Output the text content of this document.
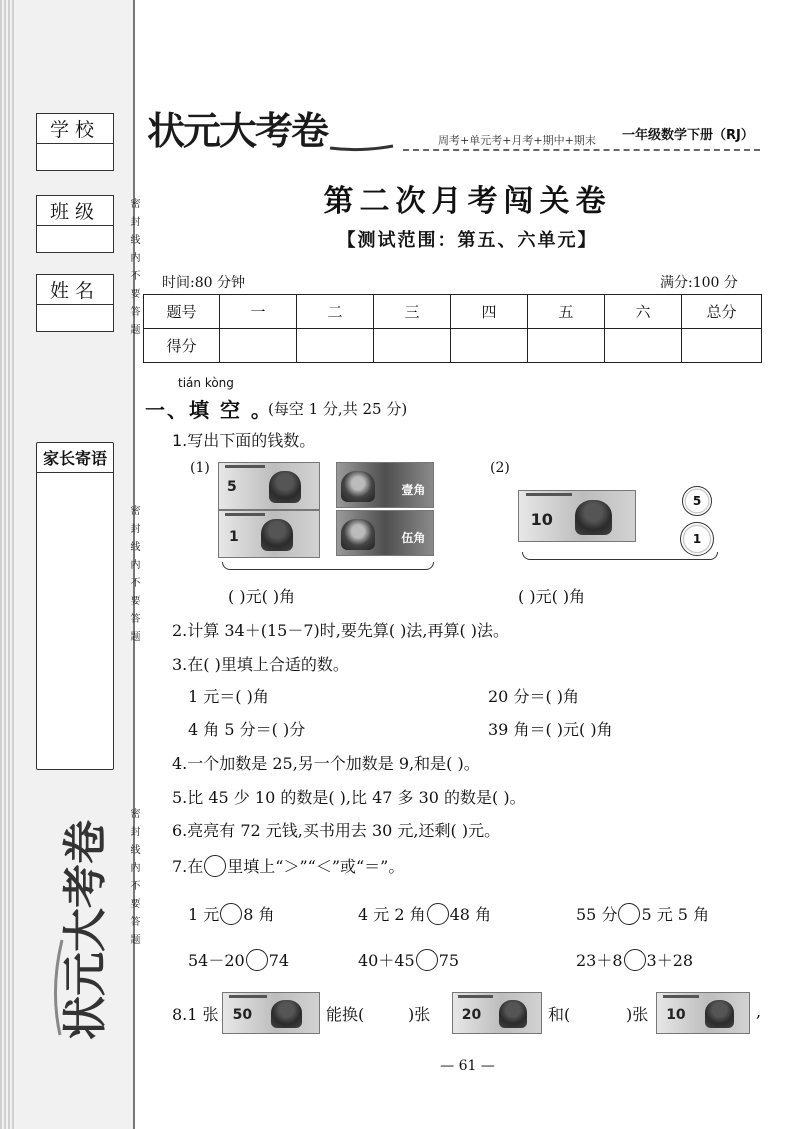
学校
班级
姓名
家长寄语
密封线内不要答题
密封线内不要答题
密封线内不要答题
状元大考卷
状元大考卷	周考+单元考+月考+期中+期末 一年级数学下册（RJ）
第二次月考闯关卷
【测试范围：第五、六单元】
时间:80 分钟	满分:100 分
题号	一	二	三	四	五	六	总分
得分							
tián kòng
一、填 空 。
(每空 1 分,共 25 分)
1.写出下面的钱数。
(1)	(2)
5	壹角
1	伍角
10
5
1
( )元( )角	( )元( )角
2.计算 34＋(15－7)时,要先算( )法,再算( )法。
3.在( )里填上合适的数。
1 元＝( )角	20 分＝( )角
4 角 5 分＝( )分	39 角＝( )元( )角
4.一个加数是 25,另一个加数是 9,和是( )。
5.比 45 少 10 的数是( ),比 47 多 30 的数是( )。
6.亮亮有 72 元钱,买书用去 30 元,还剩( )元。
7.在 里填上“＞”“＜”或“＝”。
1 元 8 角	4 元 2 角 48 角	55 分 5 元 5 角
54－20 74	40＋45 75	23＋8 3＋28
8.1 张 50	能换(	)张 20	和(	)张 10	,
— 61 —
